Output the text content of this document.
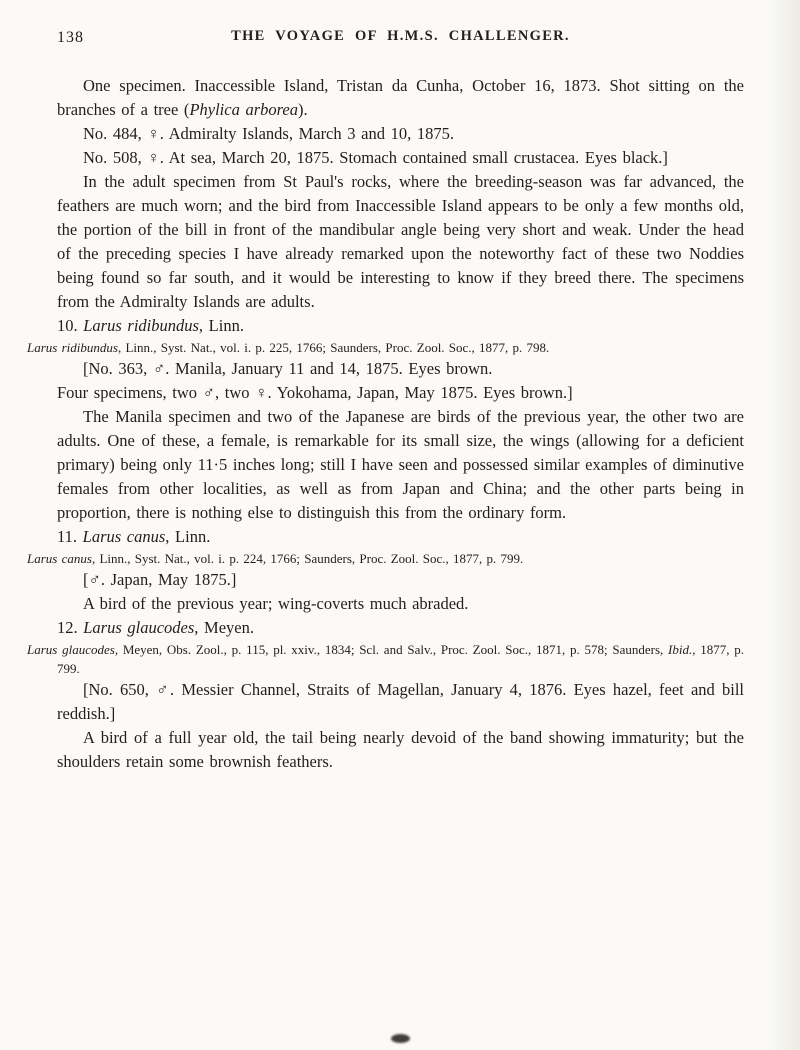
138	THE VOYAGE OF H.M.S. CHALLENGER.

One specimen. Inaccessible Island, Tristan da Cunha, October 16, 1873. Shot sitting on the branches of a tree (Phylica arborea).

No. 484, ♀. Admiralty Islands, March 3 and 10, 1875.

No. 508, ♀. At sea, March 20, 1875. Stomach contained small crustacea. Eyes black.]

In the adult specimen from St Paul's rocks, where the breeding-season was far advanced, the feathers are much worn; and the bird from Inaccessible Island appears to be only a few months old, the portion of the bill in front of the mandibular angle being very short and weak. Under the head of the preceding species I have already remarked upon the noteworthy fact of these two Noddies being found so far south, and it would be interesting to know if they breed there. The specimens from the Admiralty Islands are adults.

10. Larus ridibundus, Linn.

Larus ridibundus, Linn., Syst. Nat., vol. i. p. 225, 1766; Saunders, Proc. Zool. Soc., 1877, p. 798.

[No. 363, ♂. Manila, January 11 and 14, 1875. Eyes brown.

Four specimens, two ♂, two ♀. Yokohama, Japan, May 1875. Eyes brown.]

The Manila specimen and two of the Japanese are birds of the previous year, the other two are adults. One of these, a female, is remarkable for its small size, the wings (allowing for a deficient primary) being only 11·5 inches long; still I have seen and possessed similar examples of diminutive females from other localities, as well as from Japan and China; and the other parts being in proportion, there is nothing else to distinguish this from the ordinary form.

11. Larus canus, Linn.

Larus canus, Linn., Syst. Nat., vol. i. p. 224, 1766; Saunders, Proc. Zool. Soc., 1877, p. 799.

[♂. Japan, May 1875.]

A bird of the previous year; wing-coverts much abraded.

12. Larus glaucodes, Meyen.

Larus glaucodes, Meyen, Obs. Zool., p. 115, pl. xxiv., 1834; Scl. and Salv., Proc. Zool. Soc., 1871, p. 578; Saunders, Ibid., 1877, p. 799.

[No. 650, ♂. Messier Channel, Straits of Magellan, January 4, 1876. Eyes hazel, feet and bill reddish.]

A bird of a full year old, the tail being nearly devoid of the band showing immaturity; but the shoulders retain some brownish feathers.
